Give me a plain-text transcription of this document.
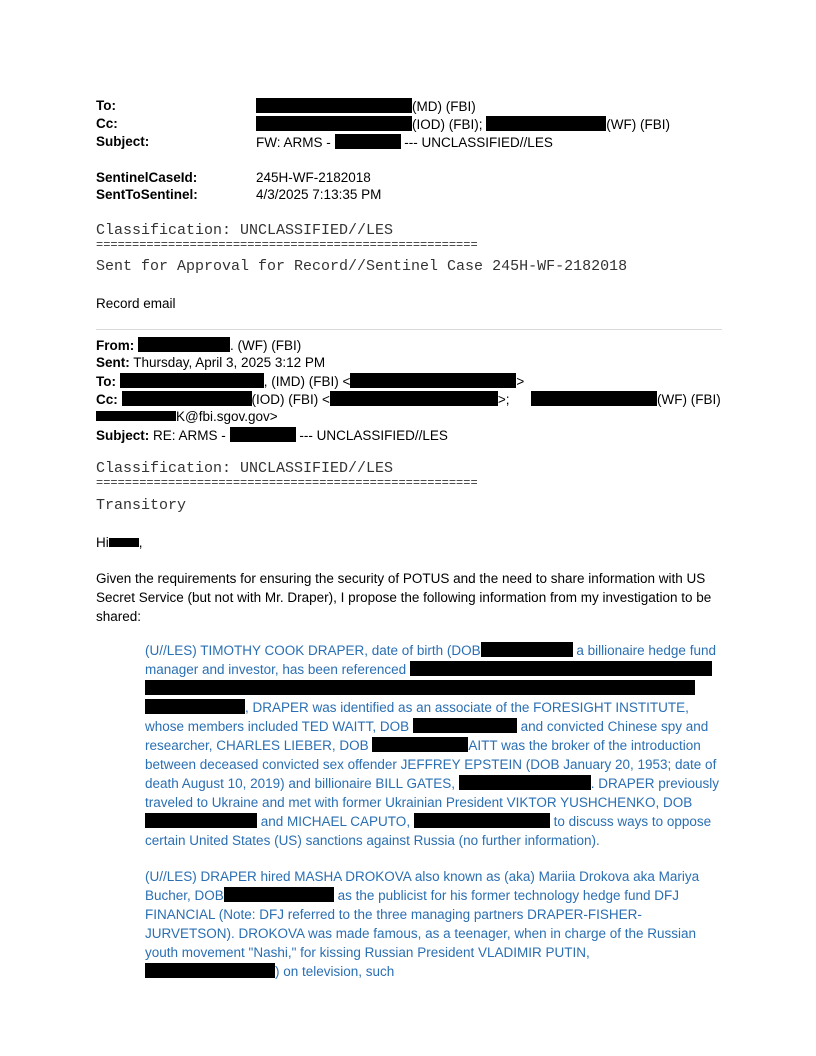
To:	(MD) (FBI)
Cc:	(IOD) (FBI);	(WF) (FBI)
Subject:	FW: ARMS -	--- UNCLASSIFIED//LES
SentinelCaseId:	245H-WF-2182018
SentToSentinel:	4/3/2025 7:13:35 PM
Classification: UNCLASSIFIED//LES
=====================================================
Sent for Approval for Record//Sentinel Case 245H-WF-2182018
Record email
From:	. (WF) (FBI)
Sent: Thursday, April 3, 2025 3:12 PM
To:	, (IMD) (FBI) <	>
Cc:	(IOD) (FBI) <	>;	(WF) (FBI)
K@fbi.sgov.gov>
Subject: RE: ARMS -	--- UNCLASSIFIED//LES
Classification: UNCLASSIFIED//LES
=====================================================
Transitory
Hi ,
Given the requirements for ensuring the security of POTUS and the need to share information with US Secret Service (but not with Mr. Draper), I propose the following information from my investigation to be shared:
(U//LES) TIMOTHY COOK DRAPER, date of birth (DOB	a billionaire hedge fund manager and investor, has been referenced   , DRAPER was identified as an associate of the FORESIGHT INSTITUTE, whose members included TED WAITT, DOB	and convicted Chinese spy and researcher, CHARLES LIEBER, DOB	AITT was the broker of the introduction between deceased convicted sex offender JEFFREY EPSTEIN (DOB January 20, 1953; date of death August 10, 2019) and billionaire BILL GATES,	. DRAPER previously traveled to Ukraine and met with former Ukrainian President VIKTOR YUSHCHENKO, DOB  and MICHAEL CAPUTO,	to discuss ways to oppose certain United States (US) sanctions against Russia (no further information).
(U//LES) DRAPER hired MASHA DROKOVA also known as (aka) Mariia Drokova aka Mariya Bucher, DOB	as the publicist for his former technology hedge fund DFJ FINANCIAL (Note: DFJ referred to the three managing partners DRAPER-FISHER-JURVETSON). DROKOVA was made famous, as a teenager, when in charge of the Russian youth movement "Nashi," for kissing Russian President VLADIMIR PUTIN, ) on television, such
